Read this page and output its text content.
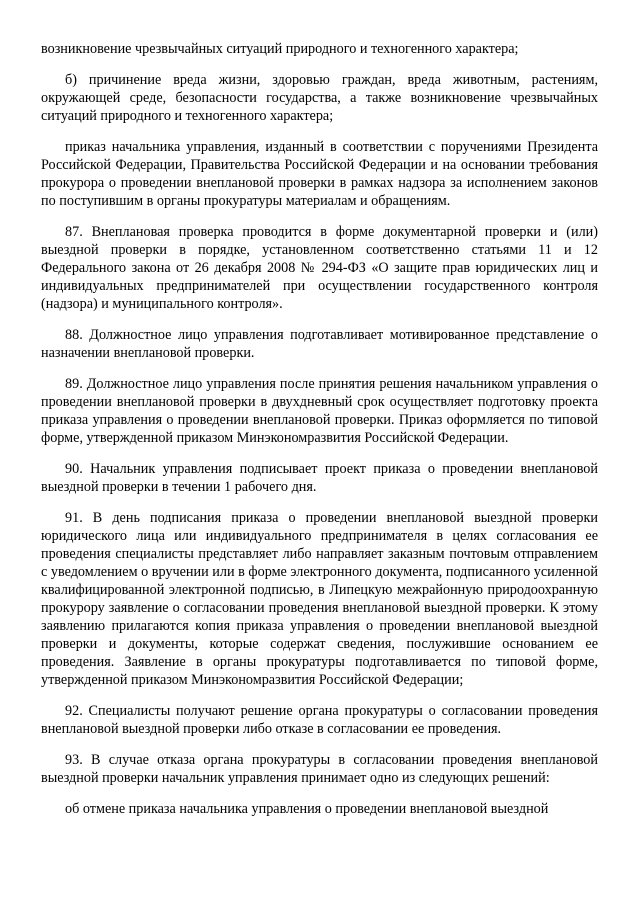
возникновение чрезвычайных ситуаций природного и техногенного характера;

б) причинение вреда жизни, здоровью граждан, вреда животным, растениям, окружающей среде, безопасности государства, а также возникновение чрезвычайных ситуаций природного и техногенного характера;

приказ начальника управления, изданный в соответствии с поручениями Президента Российской Федерации, Правительства Российской Федерации и на основании требования прокурора о проведении внеплановой проверки в рамках надзора за исполнением законов по поступившим в органы прокуратуры материалам и обращениям.

87. Внеплановая проверка проводится в форме документарной проверки и (или) выездной проверки в порядке, установленном соответственно статьями 11 и 12 Федерального закона от 26 декабря 2008 № 294-ФЗ «О защите прав юридических лиц и индивидуальных предпринимателей при осуществлении государственного контроля (надзора) и муниципального контроля».

88. Должностное лицо управления подготавливает мотивированное представление о назначении внеплановой проверки.

89. Должностное лицо управления после принятия решения начальником управления о проведении внеплановой проверки в двухдневный срок осуществляет подготовку проекта приказа управления о проведении внеплановой проверки. Приказ оформляется по типовой форме, утвержденной приказом Минэкономразвития Российской Федерации.

90. Начальник управления подписывает проект приказа о проведении внеплановой выездной проверки в течении 1 рабочего дня.

91. В день подписания приказа о проведении внеплановой выездной проверки юридического лица или индивидуального предпринимателя в целях согласования ее проведения специалисты представляет либо направляет заказным почтовым отправлением с уведомлением о вручении или в форме электронного документа, подписанного усиленной квалифицированной электронной подписью, в Липецкую межрайонную природоохранную прокурору заявление о согласовании проведения внеплановой выездной проверки. К этому заявлению прилагаются копия приказа управления о проведении внеплановой выездной проверки и документы, которые содержат сведения, послужившие основанием ее проведения. Заявление в органы прокуратуры подготавливается по типовой форме, утвержденной приказом Минэкономразвития Российской Федерации;

92. Специалисты получают решение органа прокуратуры о согласовании проведения внеплановой выездной проверки либо отказе в согласовании ее проведения.

93. В случае отказа органа прокуратуры в согласовании проведения внеплановой выездной проверки начальник управления принимает одно из следующих решений:

об отмене приказа начальника управления о проведении внеплановой выездной
